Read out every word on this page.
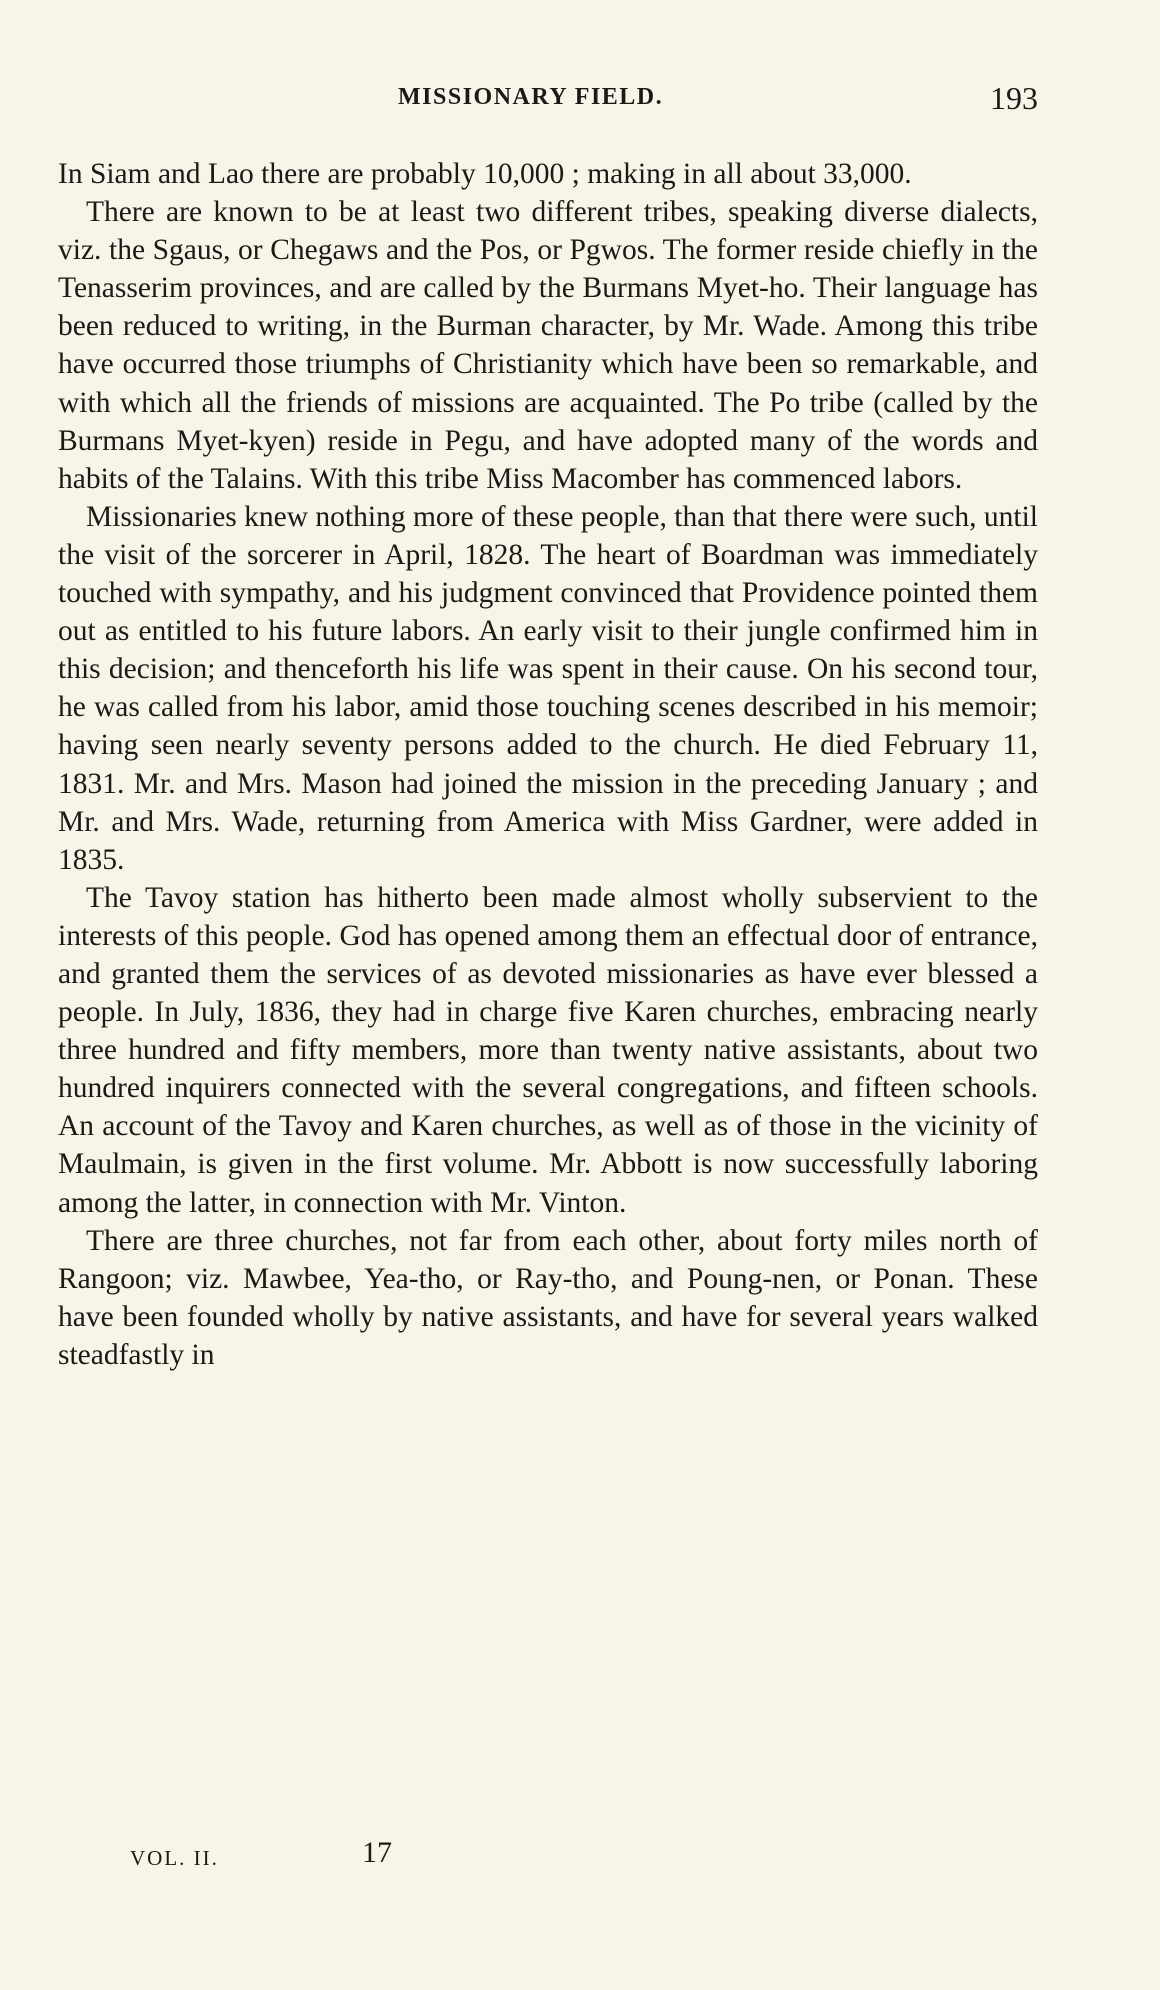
MISSIONARY FIELD.	193

In Siam and Lao there are probably 10,000 ; making in all about 33,000.

There are known to be at least two different tribes, speaking diverse dialects, viz. the Sgaus, or Chegaws and the Pos, or Pgwos. The former reside chiefly in the Tenasserim provinces, and are called by the Burmans Myet-ho. Their language has been reduced to writing, in the Burman character, by Mr. Wade. Among this tribe have occurred those triumphs of Christianity which have been so remarkable, and with which all the friends of missions are acquainted. The Po tribe (called by the Burmans Myet-kyen) reside in Pegu, and have adopted many of the words and habits of the Talains. With this tribe Miss Macomber has commenced labors.

Missionaries knew nothing more of these people, than that there were such, until the visit of the sorcerer in April, 1828. The heart of Boardman was immediately touched with sympathy, and his judgment convinced that Providence pointed them out as entitled to his future labors. An early visit to their jungle confirmed him in this decision; and thenceforth his life was spent in their cause. On his second tour, he was called from his labor, amid those touching scenes described in his memoir; having seen nearly seventy persons added to the church. He died February 11, 1831. Mr. and Mrs. Mason had joined the mission in the preceding January ; and Mr. and Mrs. Wade, returning from America with Miss Gardner, were added in 1835.

The Tavoy station has hitherto been made almost wholly subservient to the interests of this people. God has opened among them an effectual door of entrance, and granted them the services of as devoted missionaries as have ever blessed a people. In July, 1836, they had in charge five Karen churches, embracing nearly three hundred and fifty members, more than twenty native assistants, about two hundred inquirers connected with the several congregations, and fifteen schools. An account of the Tavoy and Karen churches, as well as of those in the vicinity of Maulmain, is given in the first volume. Mr. Abbott is now successfully laboring among the latter, in connection with Mr. Vinton.

There are three churches, not far from each other, about forty miles north of Rangoon; viz. Mawbee, Yea-tho, or Ray-tho, and Poung-nen, or Ponan. These have been founded wholly by native assistants, and have for several years walked steadfastly in

VOL. II.	17
